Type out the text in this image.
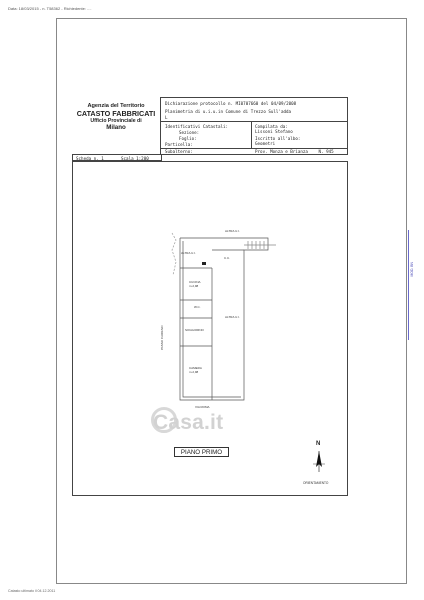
Data: 18/03/2015 - n. T58362 - Richiedente: ....
MOD. BN
Agenzia del Territorio
CATASTO FABBRICATI
Ufficio Provinciale di
Milano
Dichiarazione protocollo n. MI0707660 del 04/09/2008
Planimetria di u.i.u.in Comune di Trezzo Sull'adda
L
Identificativi Catastali:
Sezione:
Foglio:
Particella:
Subalterno:
Compilata da:
Lissoni Stefano
Iscritto all'albo:
Geometri
Prov. Monza e Brianza	N. 945
Scheda n. 1	Scala 1:200
ALTRA U.I.
ALTRA U.I.
ALTRA U.I.
C.C.
CUCINA
m.2,98
W.C.
SOGGIORNO
CAMERA
m.2,98
VIA ROMA
PASSO CARRAIO
Casa.it
PIANO PRIMO
N
ORIENTAMENTO
Catasto ultimato il 04.12.2011
